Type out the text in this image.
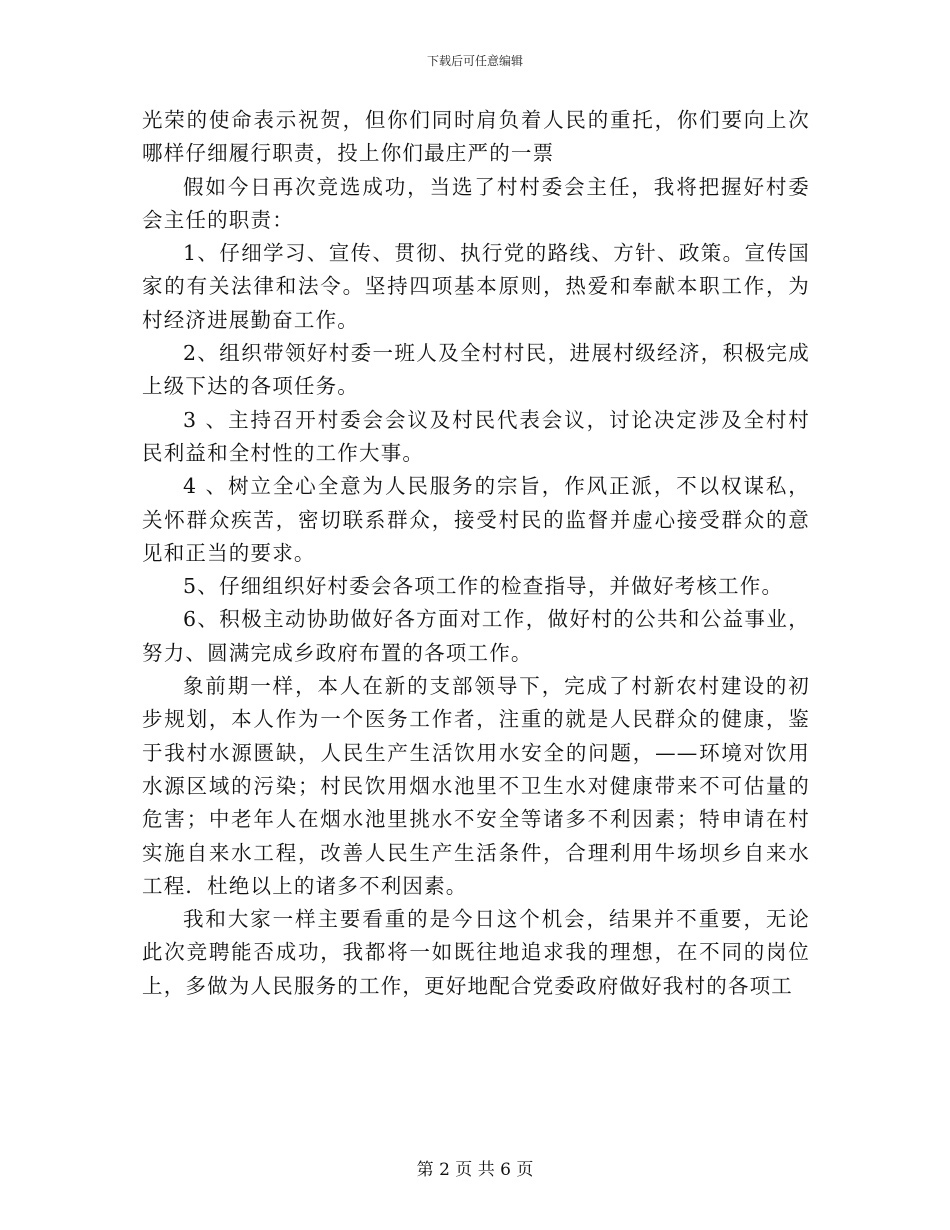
下载后可任意编辑

光荣的使命表示祝贺，但你们同时肩负着人民的重托，你们要向上次哪样仔细履行职责，投上你们最庄严的一票

假如今日再次竞选成功，当选了村村委会主任，我将把握好村委会主任的职责：

1、仔细学习、宣传、贯彻、执行党的路线、方针、政策。宣传国家的有关法律和法令。坚持四项基本原则，热爱和奉献本职工作，为村经济进展勤奋工作。

2、组织带领好村委一班人及全村村民，进展村级经济，积极完成上级下达的各项任务。

3 、主持召开村委会会议及村民代表会议，讨论决定涉及全村村民利益和全村性的工作大事。

4 、树立全心全意为人民服务的宗旨，作风正派，不以权谋私，关怀群众疾苦，密切联系群众，接受村民的监督并虚心接受群众的意见和正当的要求。

5、仔细组织好村委会各项工作的检查指导，并做好考核工作。

6、积极主动协助做好各方面对工作，做好村的公共和公益事业，努力、圆满完成乡政府布置的各项工作。

象前期一样，本人在新的支部领导下，完成了村新农村建设的初步规划，本人作为一个医务工作者，注重的就是人民群众的健康，鉴于我村水源匮缺，人民生产生活饮用水安全的问题，——环境对饮用水源区域的污染；村民饮用烟水池里不卫生水对健康带来不可估量的危害；中老年人在烟水池里挑水不安全等诸多不利因素；特申请在村实施自来水工程，改善人民生产生活条件，合理利用牛场坝乡自来水工程．杜绝以上的诸多不利因素。

我和大家一样主要看重的是今日这个机会，结果并不重要，无论此次竞聘能否成功，我都将一如既往地追求我的理想，在不同的岗位上，多做为人民服务的工作，更好地配合党委政府做好我村的各项工

第 2 页 共 6 页
